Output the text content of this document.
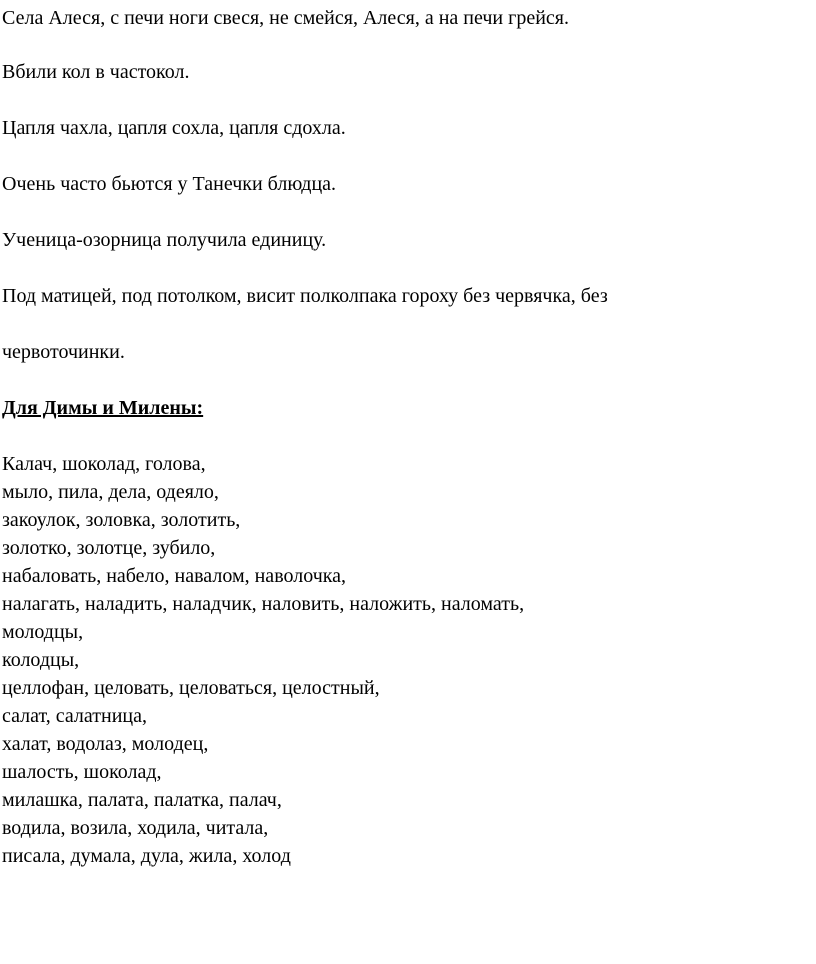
Села Алеся, с печи ноги свеся, не смейся, Алеся, а на печи грейся.

Вбили кол в частокол.

Цапля чахла, цапля сохла, цапля сдохла.

Очень часто бьются у Танечки блюдца.

Ученица-озорница получила единицу.

Под матицей, под потолком, висит полколпака гороху без червячка, без

червоточинки.

Для Димы и Милены:

Калач, шоколад, голова,
мыло, пила, дела, одеяло,
закоулок, золовка, золотить,
золотко, золотце, зубило,
набаловать, набело, навалом, наволочка,
налагать, наладить, наладчик, наловить, наложить, наломать,
молодцы,
колодцы,
целлофан, целовать, целоваться, целостный,
салат, салатница,
халат, водолаз, молодец,
шалость, шоколад,
милашка, палата, палатка, палач,
водила, возила, ходила, читала,
писала, думала, дула, жила, холод
